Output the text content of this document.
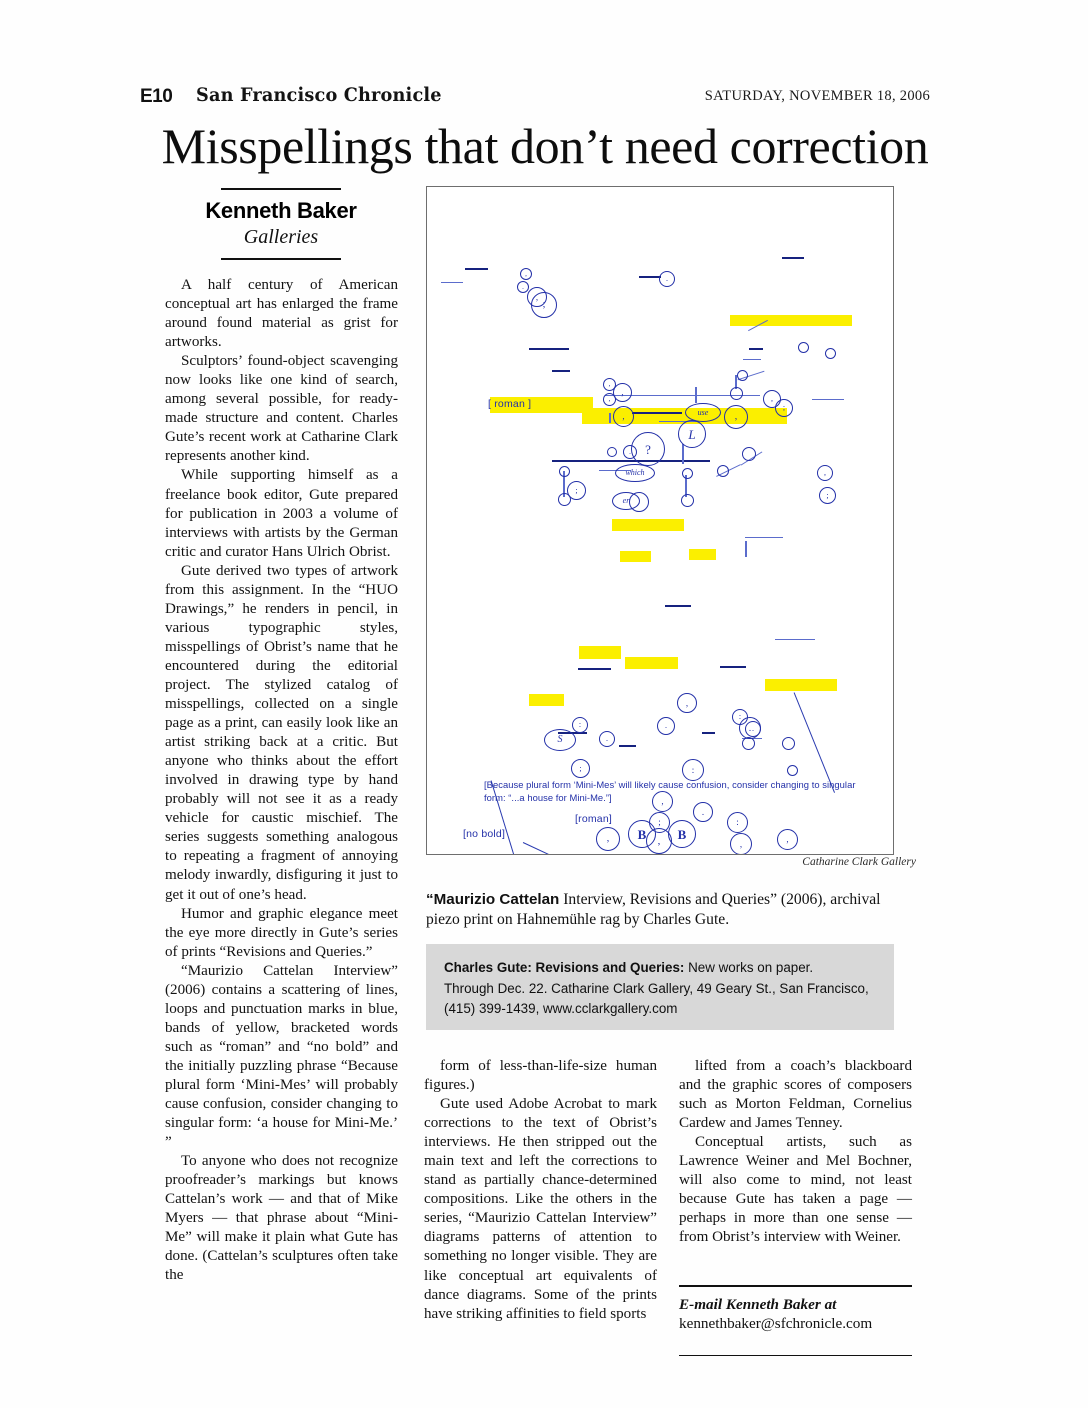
E10 San Francisco Chronicle	SATURDAY, NOVEMBER 18, 2006
Misspellings that don’t need correction
Kenneth Baker
Galleries

A half century of American conceptual art has enlarged the frame around found material as grist for artworks.

Sculptors’ found-object scavenging now looks like one kind of search, among several possible, for ready-made structure and content. Charles Gute’s recent work at Catharine Clark represents another kind.

While supporting himself as a freelance book editor, Gute prepared for publication in 2003 a volume of interviews with artists by the German critic and curator Hans Ulrich Obrist.

Gute derived two types of artwork from this assignment. In the “HUO Drawings,” he renders in pencil, in various typographic styles, misspellings of Obrist’s name that he encountered during the editorial project. The stylized catalog of misspellings, collected on a single page as a print, can easily look like an artist striking back at a critic. But anyone who thinks about the effort involved in drawing type by hand probably will not see it as a ready vehicle for caustic mischief. The series suggests something analogous to repeating a fragment of annoying melody inwardly, disfiguring it just to get it out of one’s head.

Humor and graphic elegance meet the eye more directly in Gute’s series of prints “Revisions and Queries.”

“Maurizio Cattelan Interview” (2006) contains a scattering of lines, loops and punctuation marks in blue, bands of yellow, bracketed words such as “roman” and “no bold” and the initially puzzling phrase “Because plural form ‘Mini-Mes’ will probably cause confusion, consider changing to singular form: ‘a house for Mini-Me.’ ”

To anyone who does not recognize proofreader’s markings but knows Cattelan’s work — and that of Mike Myers — that phrase about “Mini-Me” will make it plain what Gute has done. (Cattelan’s sculptures often take the

,
.
,
;
.
,
,
,	,
;
,	,
use
L
?
.
which
er	.
;
,
;
,
.
S
:
.
;	:
:
. .
,
.
;	:
,	B	,	B
,	,
[ roman ]
[roman]
[no bold]
[Because plural form ‘Mini-Mes’ will likely cause confusion, consider changing to singular form: “...a house for Mini-Me.”]
Catharine Clark Gallery
“Maurizio Cattelan Interview, Revisions and Queries” (2006), archival piezo print on Hahnemühle rag by Charles Gute.
Charles Gute: Revisions and Queries: New works on paper.
Through Dec. 22. Catharine Clark Gallery, 49 Geary St., San Francisco,
(415) 399-1439, www.cclarkgallery.com

form of less-than-life-size human figures.)

Gute used Adobe Acrobat to mark corrections to the text of Obrist’s interviews. He then stripped out the main text and left the corrections to stand as partially chance-determined compositions. Like the others in the series, “Maurizio Cattelan Interview” diagrams patterns of attention to something no longer visible. They are like conceptual art equivalents of dance diagrams. Some of the prints have striking affinities to field sports

lifted from a coach’s blackboard and the graphic scores of composers such as Morton Feldman, Cornelius Cardew and James Tenney.

Conceptual artists, such as Lawrence Weiner and Mel Bochner, will also come to mind, not least because Gute has taken a page — perhaps in more than one sense — from Obrist’s interview with Weiner.

E-mail Kenneth Baker at
kennethbaker@sfchronicle.com
